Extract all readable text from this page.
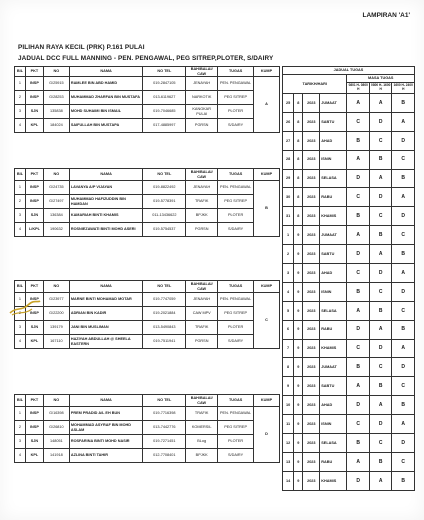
LAMPIRAN 'A1'
PILIHAN RAYA KECIL (PRK) P.161 PULAI
JADUAL DCC FULL MANNING - PEN. PENGAWAL, PEG SITREP,PLOTER, S/DAIRY
BIL	PKT	NO	NAMA	NO TEL	BAH/BALAI/ CAW	TUGAS	KUMP
1	INSP	G/25915	RAMLEE BIN ABD HAMID	019-2847105	JENAYAH	PEN. PENGAWAL	A
2	INSP	G/28253	MUHAMMAD ZHARFAN BIN MUSTAFA	013-6119627	NARKOTIK	PEG SITREP	
3	SJN	135838	MOHD SUHAIMI BIN ISMAIL	019-7046685	KANGKAR PULAI	PLOTER	
4	KPL	184024	SAIFULLAH BIN MUSTAPA	017-4885997	PGRSN	S/DAIRY	
BIL	PKT	NO	NAMA	NO TEL	BAH/BALAI/ CAW	TUGAS	KUMP
1	INSP	G/24735	LAVANYA A/P VIJAYAN	019-8822492	JENAYAH	PEN. PENGAWAL	B
2	INSP	G/27497	MUHAMMAD HAFIZUDDIN BIN HAMDAN	019-5778391	TRAFIK	PEG SITREP	
3	SJN	136384	KAMARIAH BINTI KHAMIS	011-13436622	BPJKK	PLOTER	
4	L/KPL	190632	ROSNIEZAWATI BINTI MOHD ASERI	019-5754537	PGRSN	S/DAIRY	
BIL	PKT	NO	NAMA	NO TEL	BAH/BALAI/ CAW	TUGAS	KUMP
1	INSP	G/23977	MARNE BINTI MOHAMAD MOTAR	019-7747059	JENAYAH	PEN. PENGAWAL	C
2	INSP	G/22200	ADRIAN BIN KADIR	019-2021884	CAW MPV	PEG SITREP	
3	SJN	139179	JANI BIN MUSLIMAN	013-5490843	TRAFIK	PLOTER	
4	KPL	167110	HAZIYAH ABDULLAH @ SHEELA EASTERN	019-7511941	PGRSN	S/DAIRY	
BIL	PKT	NO	NAMA	NO TEL	BAH/BALAI/ CAW	TUGAS	KUMP
1	INSP	G/16398	PREM PRADID A/L EH BUN	019-7716398	TRAFIK	PEN. PENGAWAL	D
2	INSP	G/26810	MOHAMMAD ASYRAF BIN MOHD ASLAM	013-7442776	KOMERSIL	PEG SITREP	
3	SJN	148051	ROSFARINA BINTI MOHD NASIR	019-7271451	BLog	PLOTER	
4	KPL	141918	AZLINA BINTI TAHIR	012-7708401	BPJKK	S/DAIRY	
JADUAL TUGAS						
TARIKH/HARI				MASA TUGAS		
				0801 H- 0800 H	0800 H- 1600 H	1600 H- 2400 H
25	8	2023	JUMAAT	A	A	B
26	8	2023	SABTU	C	D	A
27	8	2023	AHAD	B	C	D
28	8	2023	ISNIN	A	B	C
29	8	2023	SELASA	D	A	B
30	8	2023	RABU	C	D	A
31	8	2023	KHAMIS	B	C	D
1	9	2023	JUMAAT	A	B	C
2	9	2023	SABTU	D	A	B
3	9	2023	AHAD	C	D	A
4	9	2023	ISNIN	B	C	D
5	9	2023	SELASA	A	B	C
6	9	2023	RABU	D	A	B
7	9	2023	KHAMIS	C	D	A
8	9	2023	JUMAAT	B	C	D
9	9	2023	SABTU	A	B	C
10	9	2023	AHAD	D	A	B
11	9	2023	ISNIN	C	D	A
12	9	2023	SELASA	B	C	D
13	9	2023	RABU	A	B	C
14	9	2023	KHAMIS	D	A	B
